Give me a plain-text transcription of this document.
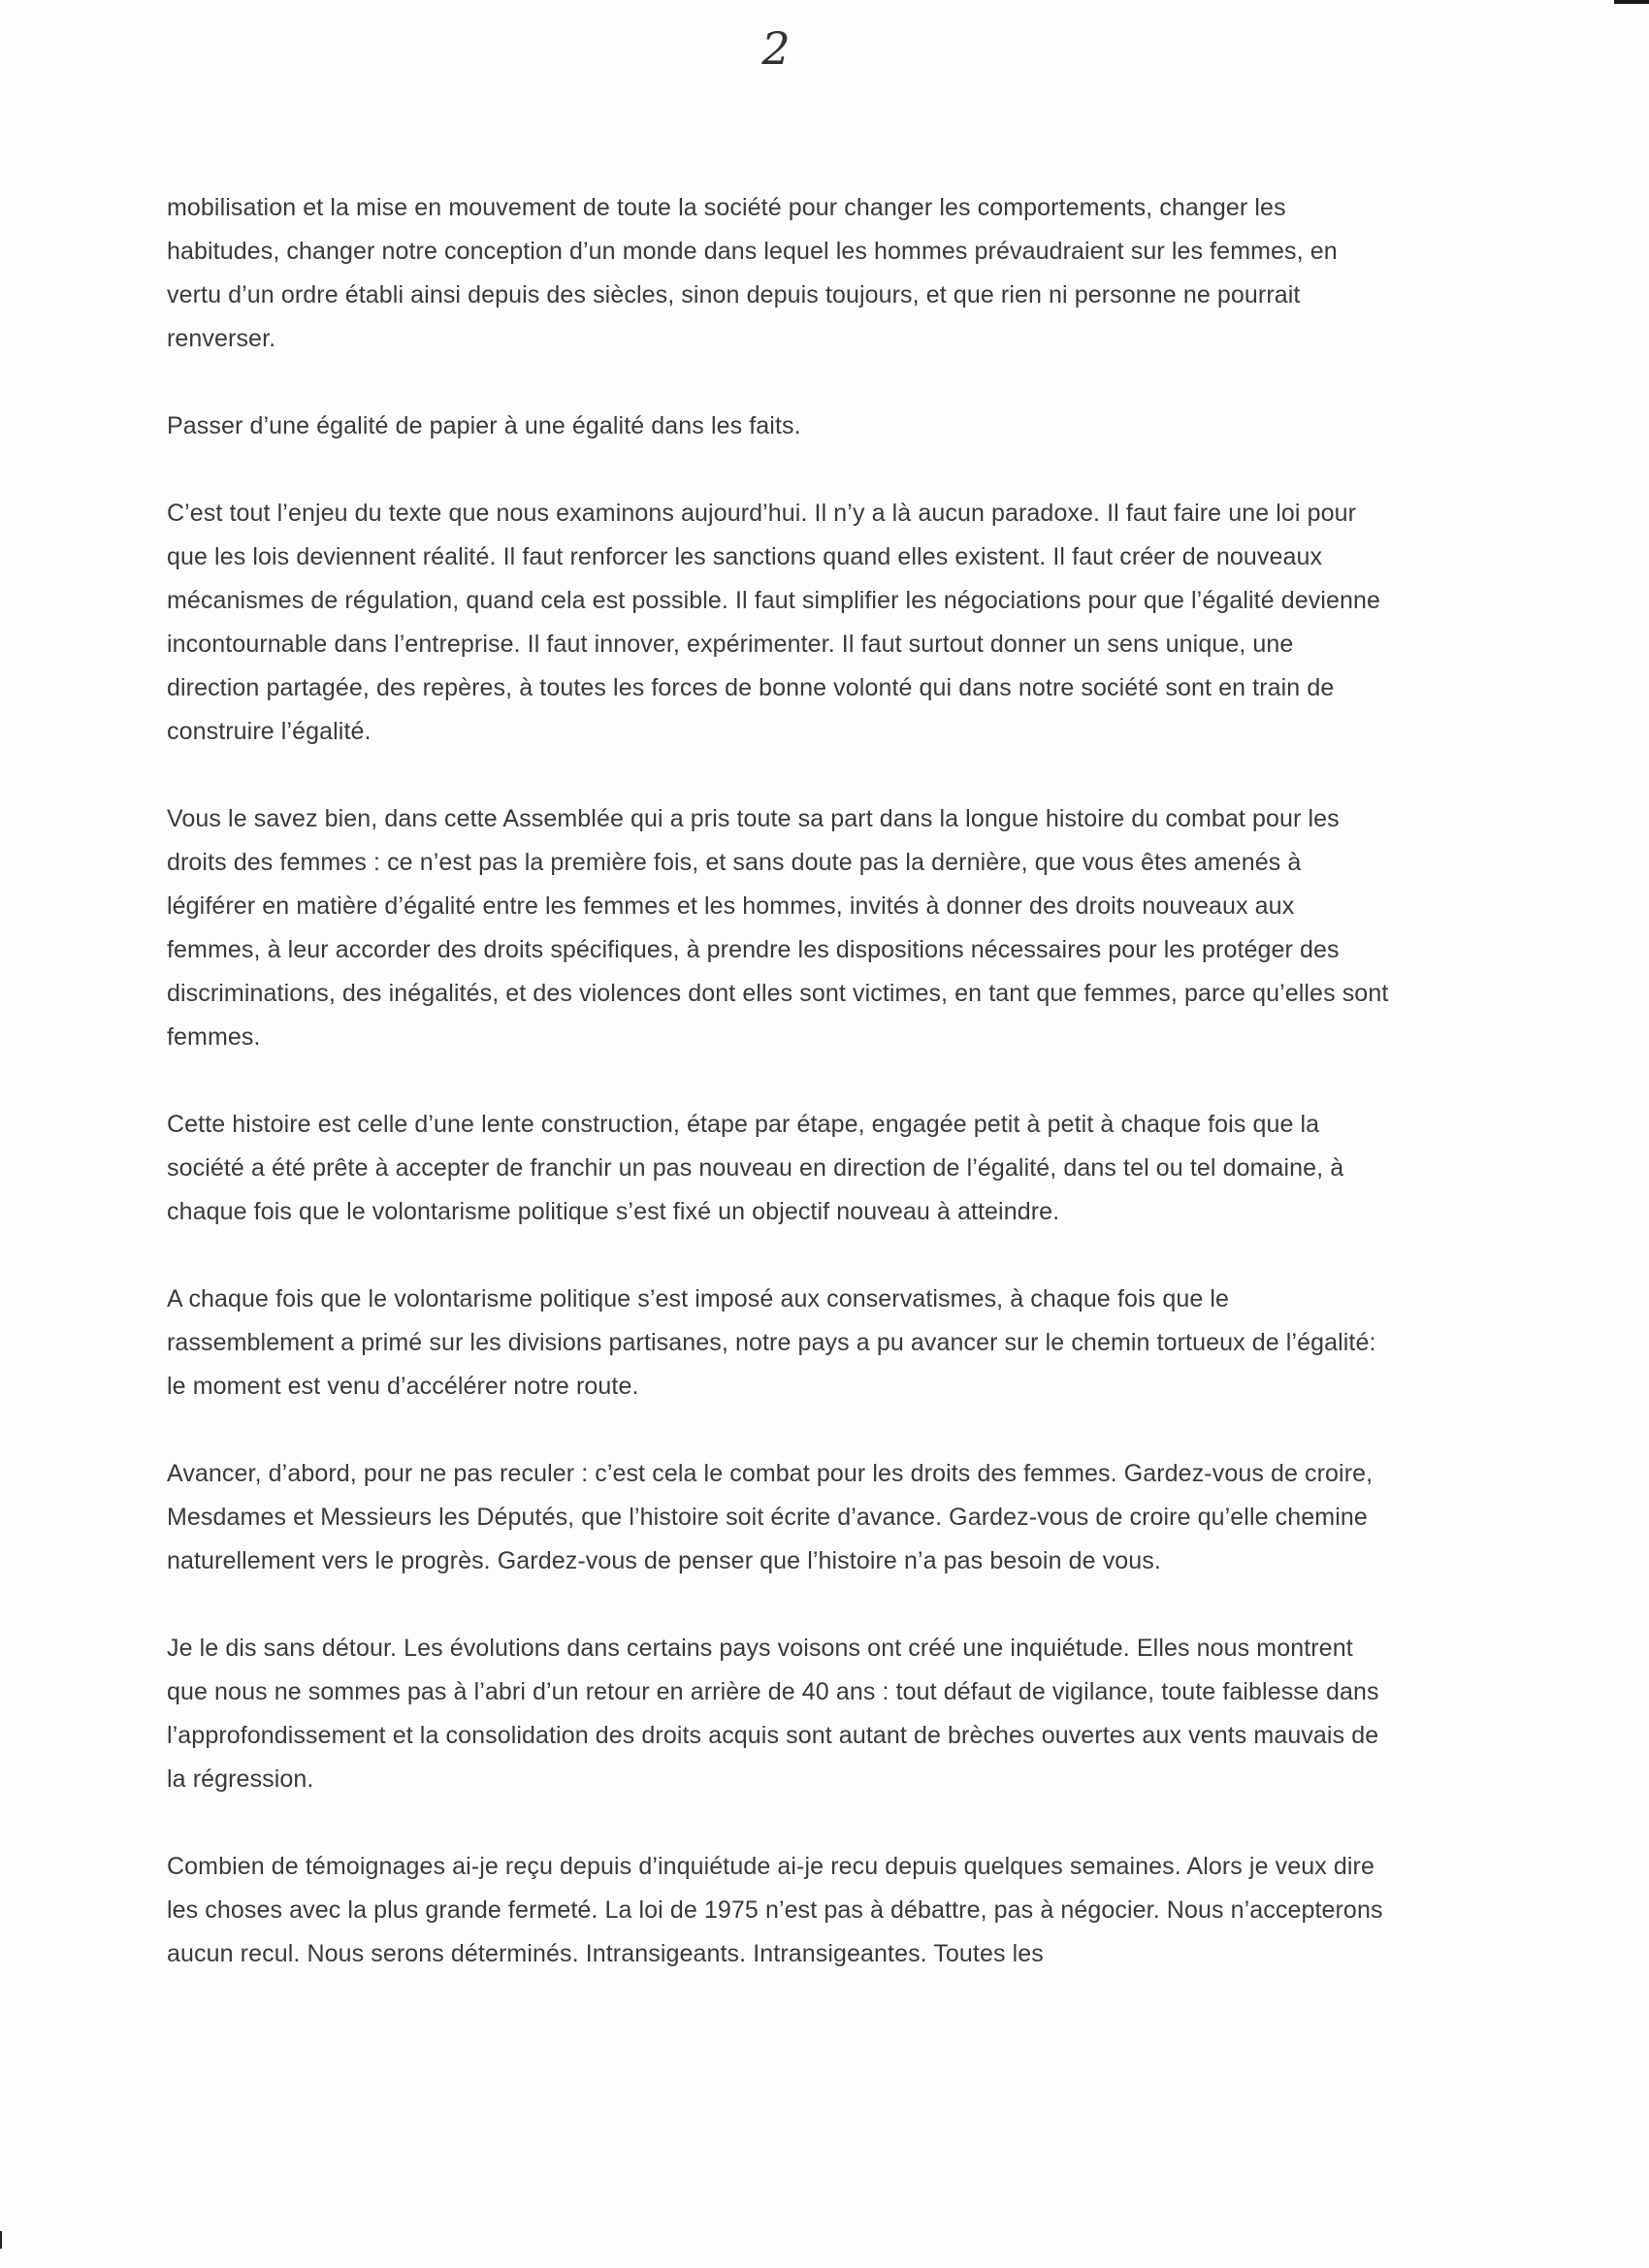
2

mobilisation et la mise en mouvement de toute la société pour changer les comportements, changer les habitudes, changer notre conception d’un monde dans lequel les hommes prévaudraient sur les femmes, en vertu d’un ordre établi ainsi depuis des siècles, sinon depuis toujours, et que rien ni personne ne pourrait renverser.

Passer d’une égalité de papier à une égalité dans les faits.

C’est tout l’enjeu du texte que nous examinons aujourd’hui. Il n’y a là aucun paradoxe. Il faut faire une loi pour que les lois deviennent réalité. Il faut renforcer les sanctions quand elles existent. Il faut créer de nouveaux mécanismes de régulation, quand cela est possible. Il faut simplifier les négociations pour que l’égalité devienne incontournable dans l’entreprise. Il faut innover, expérimenter. Il faut surtout donner un sens unique, une direction partagée, des repères, à toutes les forces de bonne volonté qui dans notre société sont en train de construire l’égalité.

Vous le savez bien, dans cette Assemblée qui a pris toute sa part dans la longue histoire du combat pour les droits des femmes : ce n’est pas la première fois, et sans doute pas la dernière, que vous êtes amenés à légiférer en matière d’égalité entre les femmes et les hommes, invités à donner des droits nouveaux aux femmes, à leur accorder des droits spécifiques, à prendre les dispositions nécessaires pour les protéger des discriminations, des inégalités, et des violences dont elles sont victimes, en tant que femmes, parce qu’elles sont femmes.

Cette histoire est celle d’une lente construction, étape par étape, engagée petit à petit à chaque fois que la société a été prête à accepter de franchir un pas nouveau en direction de l’égalité, dans tel ou tel domaine, à chaque fois que le volontarisme politique s’est fixé un objectif nouveau à atteindre.

A chaque fois que le volontarisme politique s’est imposé aux conservatismes, à chaque fois que le rassemblement a primé sur les divisions partisanes, notre pays a pu avancer sur le chemin tortueux de l’égalité: le moment est venu d’accélérer notre route.

Avancer, d’abord, pour ne pas reculer : c’est cela le combat pour les droits des femmes. Gardez-vous de croire, Mesdames et Messieurs les Députés, que l’histoire soit écrite d’avance. Gardez-vous de croire qu’elle chemine naturellement vers le progrès. Gardez-vous de penser que l’histoire n’a pas besoin de vous.

Je le dis sans détour. Les évolutions dans certains pays voisons ont créé une inquiétude. Elles nous montrent que nous ne sommes pas à l’abri d’un retour en arrière de 40 ans : tout défaut de vigilance, toute faiblesse dans l’approfondissement et la consolidation des droits acquis sont autant de brèches ouvertes aux vents mauvais de la régression.

Combien de témoignages ai-je reçu depuis d’inquiétude ai-je recu depuis quelques semaines. Alors je veux dire les choses avec la plus grande fermeté. La loi de 1975 n’est pas à débattre, pas à négocier. Nous n’accepterons aucun recul. Nous serons déterminés. Intransigeants. Intransigeantes. Toutes les
